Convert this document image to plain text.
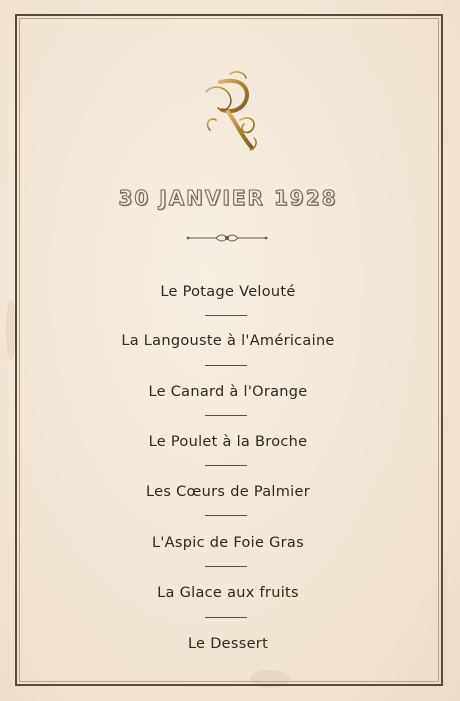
30 JANVIER 1928
Le Potage Velouté
La Langouste à l'Américaine
Le Canard à l'Orange
Le Poulet à la Broche
Les Cœurs de Palmier
L'Aspic de Foie Gras
La Glace aux fruits
Le Dessert
